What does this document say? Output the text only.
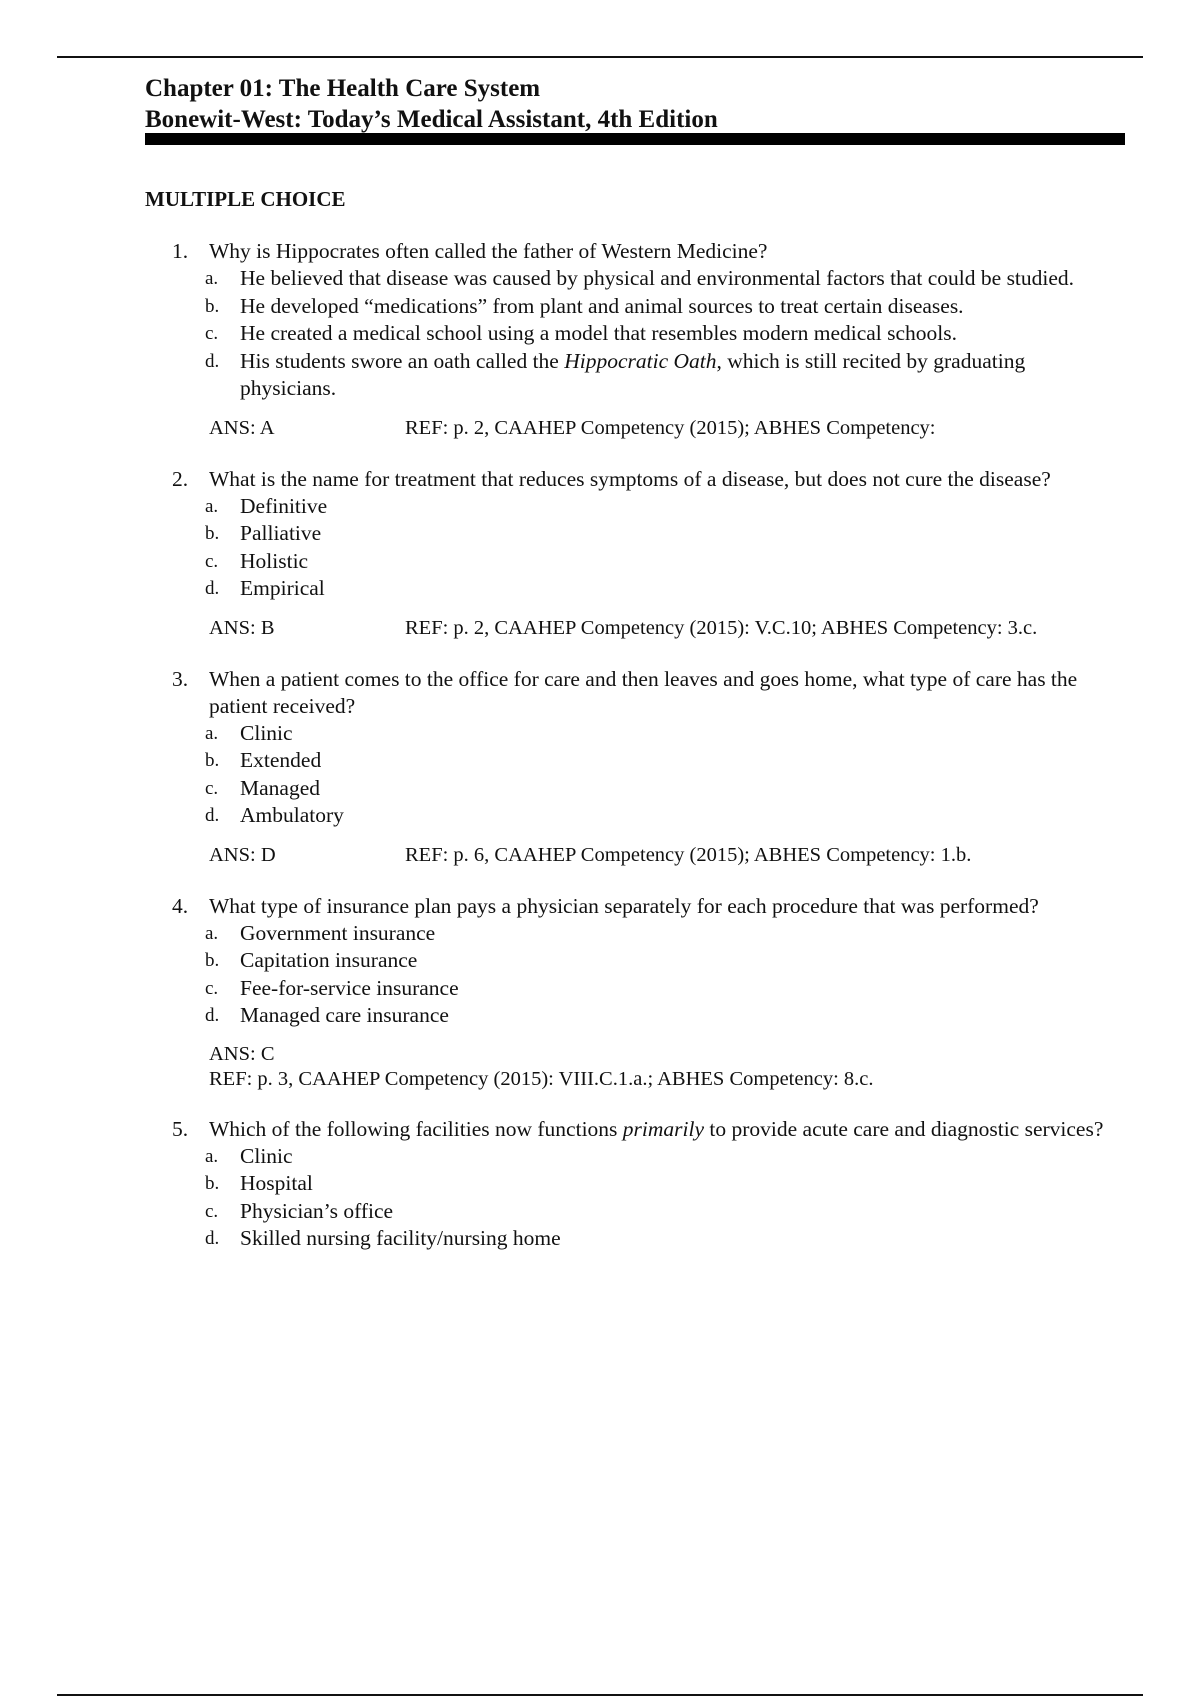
Chapter 01: The Health Care System
Bonewit-West: Today’s Medical Assistant, 4th Edition
MULTIPLE CHOICE
1. Why is Hippocrates often called the father of Western Medicine?
a. He believed that disease was caused by physical and environmental factors that could be studied.
b. He developed “medications” from plant and animal sources to treat certain diseases.
c. He created a medical school using a model that resembles modern medical schools.
d. His students swore an oath called the Hippocratic Oath, which is still recited by graduating physicians.
ANS: A	REF: p. 2, CAAHEP Competency (2015); ABHES Competency:
2. What is the name for treatment that reduces symptoms of a disease, but does not cure the disease?
a. Definitive
b. Palliative
c. Holistic
d. Empirical
ANS: B	REF: p. 2, CAAHEP Competency (2015): V.C.10; ABHES Competency: 3.c.
3. When a patient comes to the office for care and then leaves and goes home, what type of care has the patient received?
a. Clinic
b. Extended
c. Managed
d. Ambulatory
ANS: D	REF: p. 6, CAAHEP Competency (2015); ABHES Competency: 1.b.
4. What type of insurance plan pays a physician separately for each procedure that was performed?
a. Government insurance
b. Capitation insurance
c. Fee-for-service insurance
d. Managed care insurance
ANS: C
REF: p. 3, CAAHEP Competency (2015): VIII.C.1.a.; ABHES Competency: 8.c.
5. Which of the following facilities now functions primarily to provide acute care and diagnostic services?
a. Clinic
b. Hospital
c. Physician’s office
d. Skilled nursing facility/nursing home
